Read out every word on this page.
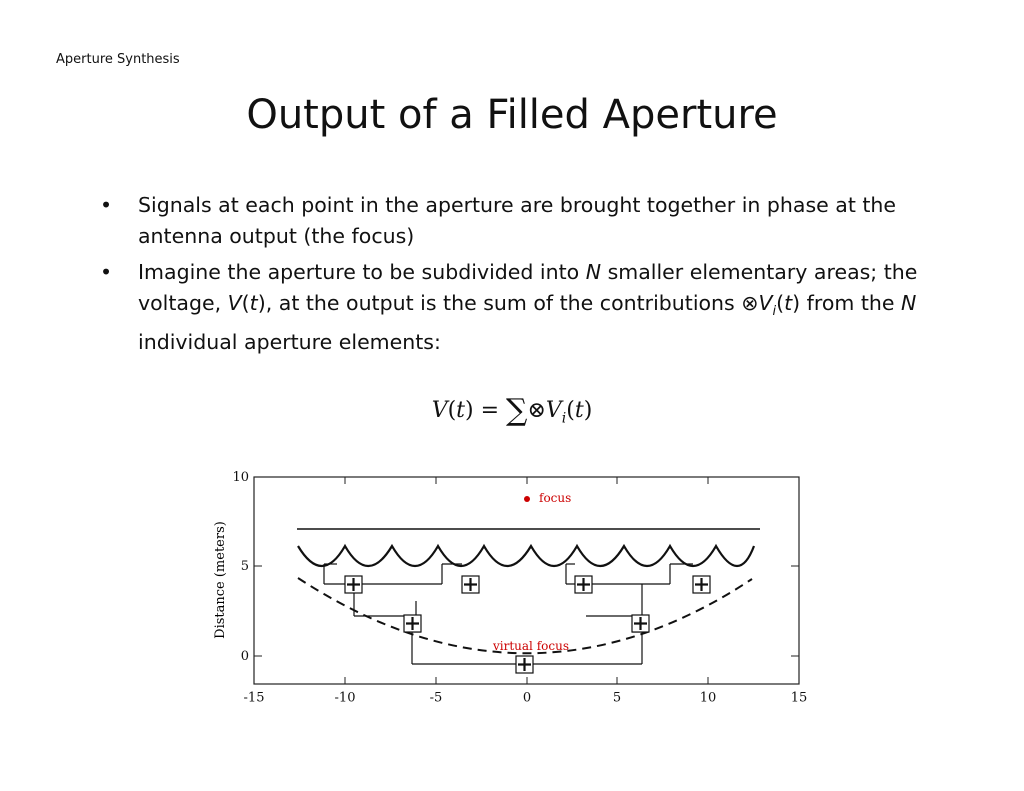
Aperture Synthesis
Output of a Filled Aperture
•	Signals at each point in the aperture are brought together in phase at the antenna output (the focus)
•	Imagine the aperture to be subdivided into N smaller elementary areas; the voltage, V(t), at the output is the sum of the contributions $\otimes V_i(t)$ from the N individual aperture elements:
$V(t) = \sum\otimes V_i(t)$
-15	-10	-5	0	5	10	15
10
5
0
Distance (meters)
focus
virtual focus
